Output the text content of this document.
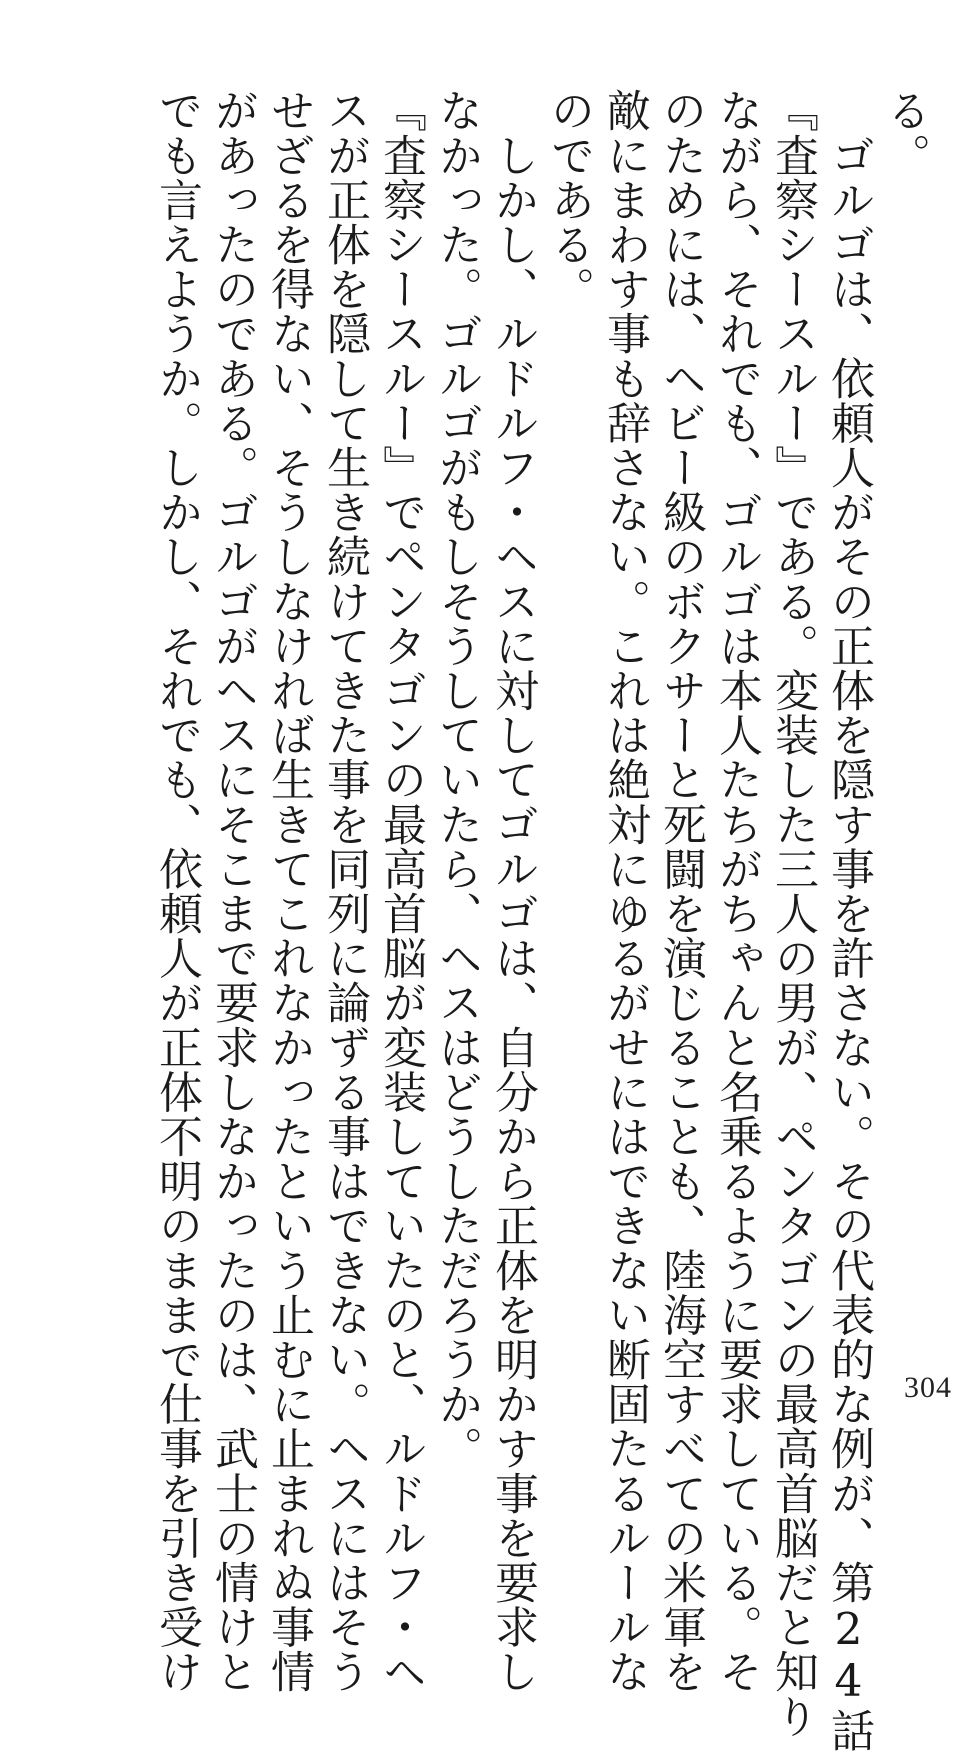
る。
　ゴルゴは、依頼人がその正体を隠す事を許さない。その代表的な例が、第24話
『査察シースルー』である。変装した三人の男が、ペンタゴンの最高首脳だと知り
ながら、それでも、ゴルゴは本人たちがちゃんと名乗るように要求している。そ
のためには、ヘビー級のボクサーと死闘を演じることも、陸海空すべての米軍を
敵にまわす事も辞さない。これは絶対にゆるがせにはできない断固たるルールな
のである。
　しかし、ルドルフ・ヘスに対してゴルゴは、自分から正体を明かす事を要求し
なかった。ゴルゴがもしそうしていたら、ヘスはどうしただろうか。
『査察シースルー』でペンタゴンの最高首脳が変装していたのと、ルドルフ・ヘ
スが正体を隠して生き続けてきた事を同列に論ずる事はできない。ヘスにはそう
せざるを得ない、そうしなければ生きてこれなかったという止むに止まれぬ事情
があったのである。ゴルゴがヘスにそこまで要求しなかったのは、武士の情けと
でも言えようか。しかし、それでも、依頼人が正体不明のままで仕事を引き受け	304
